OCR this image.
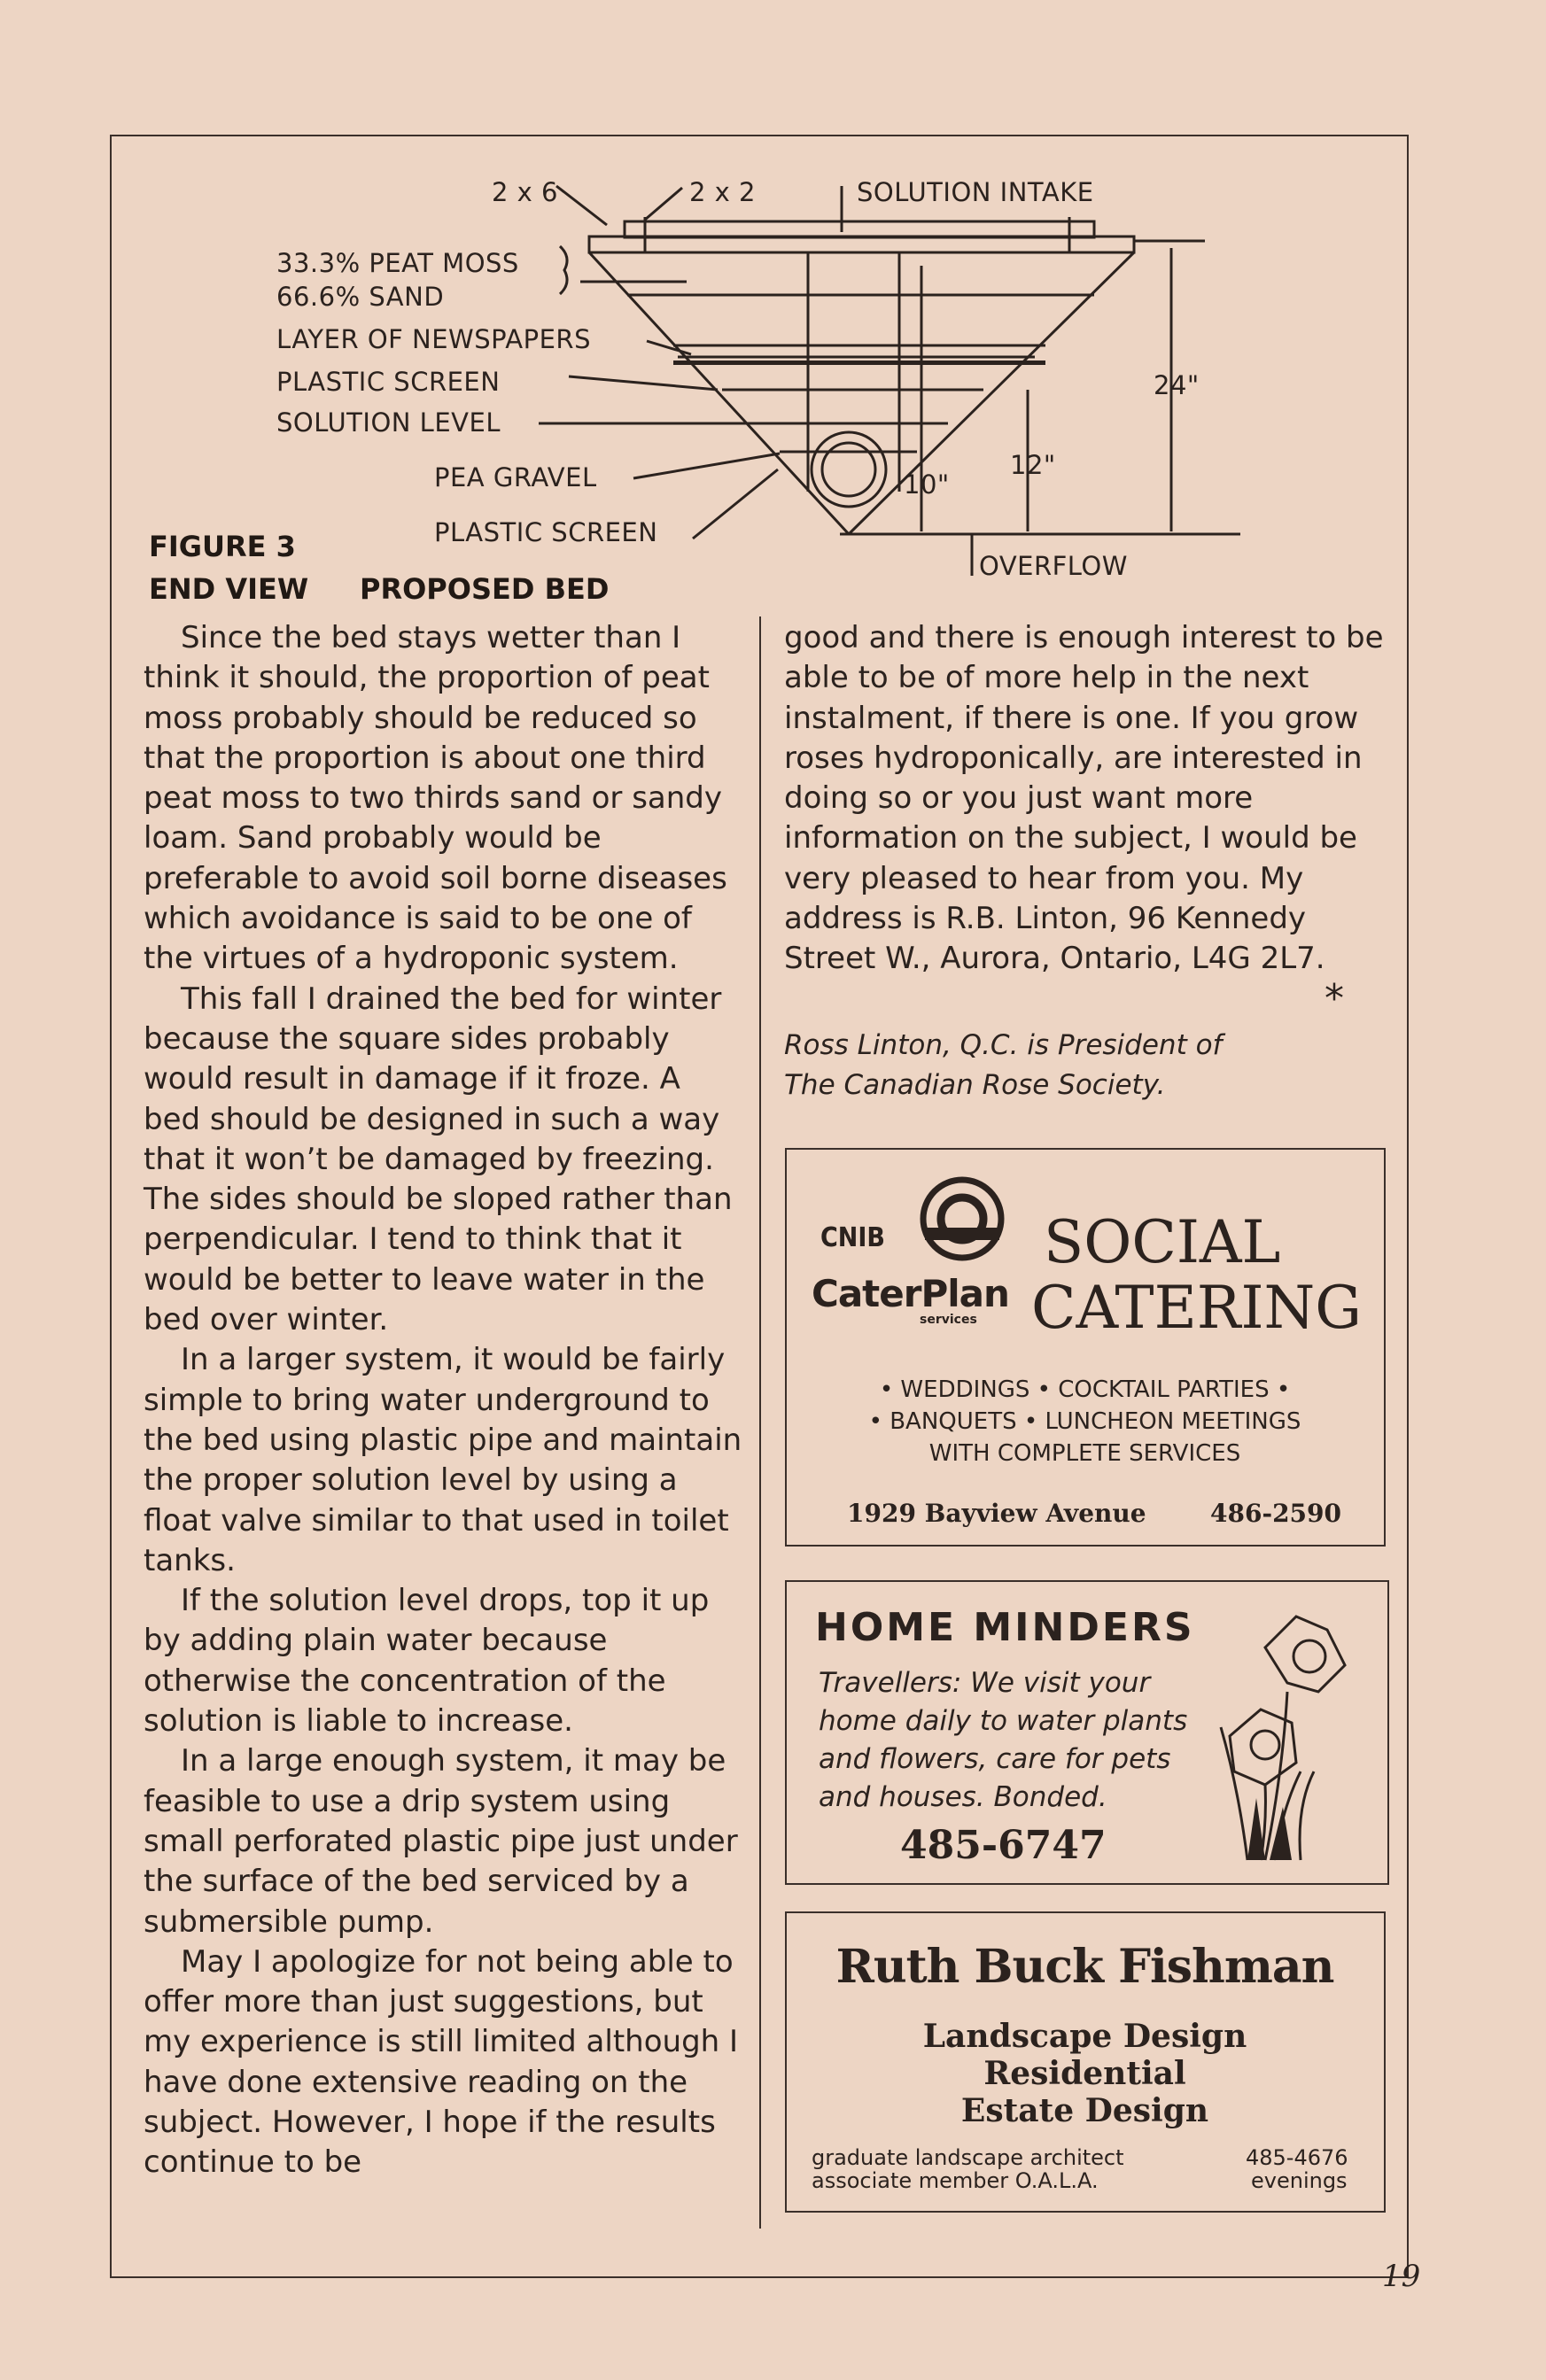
2 x 6	2 x 2	SOLUTION INTAKE
33.3% PEAT MOSS
66.6% SAND
LAYER OF NEWSPAPERS
PLASTIC SCREEN
SOLUTION LEVEL
PEA GRAVEL
PLASTIC SCREEN
24"
12"
10"
OVERFLOW
FIGURE 3
END VIEW PROPOSED BED

Since the bed stays wetter than I think it should, the proportion of peat moss probably should be reduced so that the proportion is about one third peat moss to two thirds sand or sandy loam. Sand probably would be preferable to avoid soil borne diseases which avoidance is said to be one of the virtues of a hydroponic system.

This fall I drained the bed for winter because the square sides probably would result in damage if it froze. A bed should be designed in such a way that it won’t be damaged by freezing. The sides should be sloped rather than perpendicular. I tend to think that it would be better to leave water in the bed over winter.

In a larger system, it would be fairly simple to bring water underground to the bed using plastic pipe and maintain the proper solution level by using a float valve similar to that used in toilet tanks.

If the solution level drops, top it up by adding plain water because otherwise the concentration of the solution is liable to increase.

In a large enough system, it may be feasible to use a drip system using small perforated plastic pipe just under the surface of the bed serviced by a submersible pump.

May I apologize for not being able to offer more than just suggestions, but my experience is still limited although I have done extensive reading on the subject. However, I hope if the results continue to be

good and there is enough interest to be able to be of more help in the next instalment, if there is one. If you grow roses hydroponically, are interested in doing so or you just want more information on the subject, I would be very pleased to hear from you. My address is R.B. Linton, 96 Kennedy Street W., Aurora, Ontario, L4G 2L7.

*
Ross Linton, Q.C. is President of
The Canadian Rose Society.
CNIB
CaterPlan
services
SOCIAL
CATERING
• WEDDINGS • COCKTAIL PARTIES •
• BANQUETS • LUNCHEON MEETINGS
WITH COMPLETE SERVICES
1929 Bayview Avenue	486-2590
HOME MINDERS
Travellers: We visit your
home daily to water plants
and flowers, care for pets
and houses. Bonded.
485-6747
Ruth Buck Fishman
Landscape Design
Residential
Estate Design
graduate landscape architect
associate member O.A.L.A.
485-4676
evenings
19
